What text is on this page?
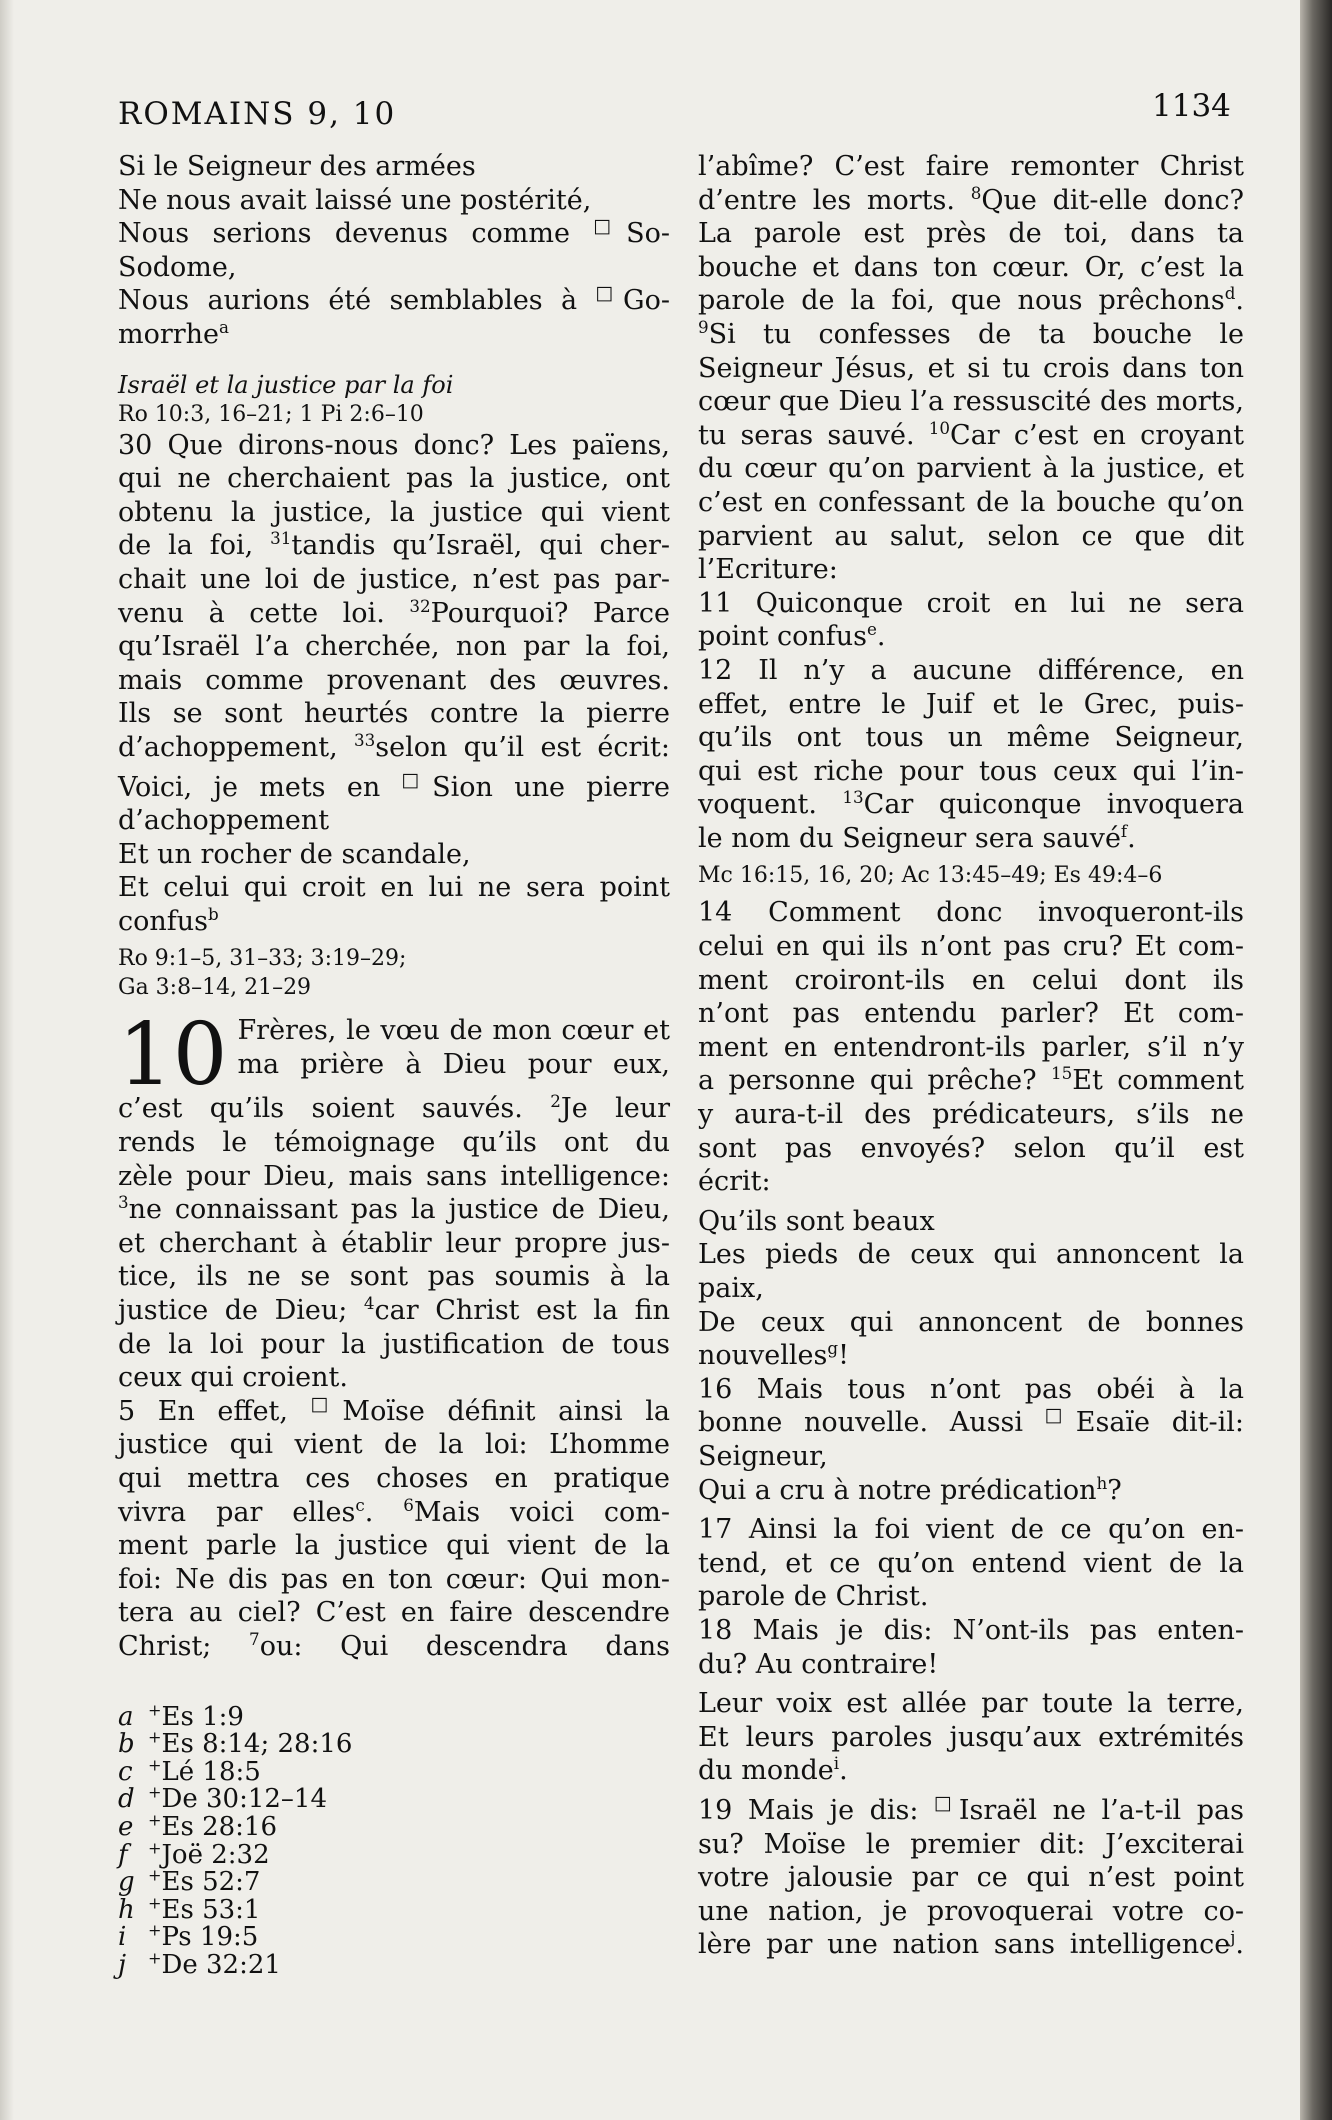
ROMAINS 9, 10	1134
Si le Seigneur des armées
Ne nous avait laissé une postérité,
Nous serions devenus comme □So-
Sodome,
Nous aurions été semblables à □Go-
morrhe$^a$
Israël et la justice par la foi
Ro 10:3, 16–21; 1 Pi 2:6–10
30 Que dirons-nous donc? Les païens,
qui ne cherchaient pas la justice, ont
obtenu la justice, la justice qui vient
de la foi, $^{31}$tandis qu’Israël, qui cher-
chait une loi de justice, n’est pas par-
venu à cette loi. $^{32}$Pourquoi? Parce
qu’Israël l’a cherchée, non par la foi,
mais comme provenant des œuvres.
Ils se sont heurtés contre la pierre
d’achoppement, $^{33}$selon qu’il est écrit:
Voici, je mets en □Sion une pierre
d’achoppement
Et un rocher de scandale,
Et celui qui croit en lui ne sera point
confus$^b$
Ro 9:1–5, 31–33; 3:19–29;
Ga 3:8–14, 21–29
10 Frères, le vœu de mon cœur et
ma prière à Dieu pour eux,
c’est qu’ils soient sauvés. $^2$Je leur
rends le témoignage qu’ils ont du
zèle pour Dieu, mais sans intelligence:
$^3$ne connaissant pas la justice de Dieu,
et cherchant à établir leur propre jus-
tice, ils ne se sont pas soumis à la
justice de Dieu; $^4$car Christ est la fin
de la loi pour la justification de tous
ceux qui croient.
5 En effet, □Moïse définit ainsi la
justice qui vient de la loi: L’homme
qui mettra ces choses en pratique
vivra par elles$^c$. $^6$Mais voici com-
ment parle la justice qui vient de la
foi: Ne dis pas en ton cœur: Qui mon-
tera au ciel? C’est en faire descendre
Christ; $^7$ou: Qui descendra dans
a +Es 1:9
b +Es 8:14; 28:16
c +Lé 18:5
d +De 30:12–14
e +Es 28:16
f +Joë 2:32
g +Es 52:7
h +Es 53:1
i +Ps 19:5
j +De 32:21
l’abîme? C’est faire remonter Christ
d’entre les morts. $^8$Que dit-elle donc?
La parole est près de toi, dans ta
bouche et dans ton cœur. Or, c’est la
parole de la foi, que nous prêchons$^d$.
$^9$Si tu confesses de ta bouche le
Seigneur Jésus, et si tu crois dans ton
cœur que Dieu l’a ressuscité des morts,
tu seras sauvé. $^{10}$Car c’est en croyant
du cœur qu’on parvient à la justice, et
c’est en confessant de la bouche qu’on
parvient au salut, selon ce que dit
l’Ecriture:
11 Quiconque croit en lui ne sera
point confus$^e$.
12 Il n’y a aucune différence, en
effet, entre le Juif et le Grec, puis-
qu’ils ont tous un même Seigneur,
qui est riche pour tous ceux qui l’in-
voquent. $^{13}$Car quiconque invoquera
le nom du Seigneur sera sauvé$^f$.
Mc 16:15, 16, 20; Ac 13:45–49; Es 49:4–6
14 Comment donc invoqueront-ils
celui en qui ils n’ont pas cru? Et com-
ment croiront-ils en celui dont ils
n’ont pas entendu parler? Et com-
ment en entendront-ils parler, s’il n’y
a personne qui prêche? $^{15}$Et comment
y aura-t-il des prédicateurs, s’ils ne
sont pas envoyés? selon qu’il est
écrit:
Qu’ils sont beaux
Les pieds de ceux qui annoncent la
paix,
De ceux qui annoncent de bonnes
nouvelles$^g$!
16 Mais tous n’ont pas obéi à la
bonne nouvelle. Aussi □Esaïe dit-il:
Seigneur,
Qui a cru à notre prédication$^h$?
17 Ainsi la foi vient de ce qu’on en-
tend, et ce qu’on entend vient de la
parole de Christ.
18 Mais je dis: N’ont-ils pas enten-
du? Au contraire!
Leur voix est allée par toute la terre,
Et leurs paroles jusqu’aux extrémités
du monde$^i$.
19 Mais je dis: □Israël ne l’a-t-il pas
su? Moïse le premier dit: J’exciterai
votre jalousie par ce qui n’est point
une nation, je provoquerai votre co-
lère par une nation sans intelligence$^j$.
